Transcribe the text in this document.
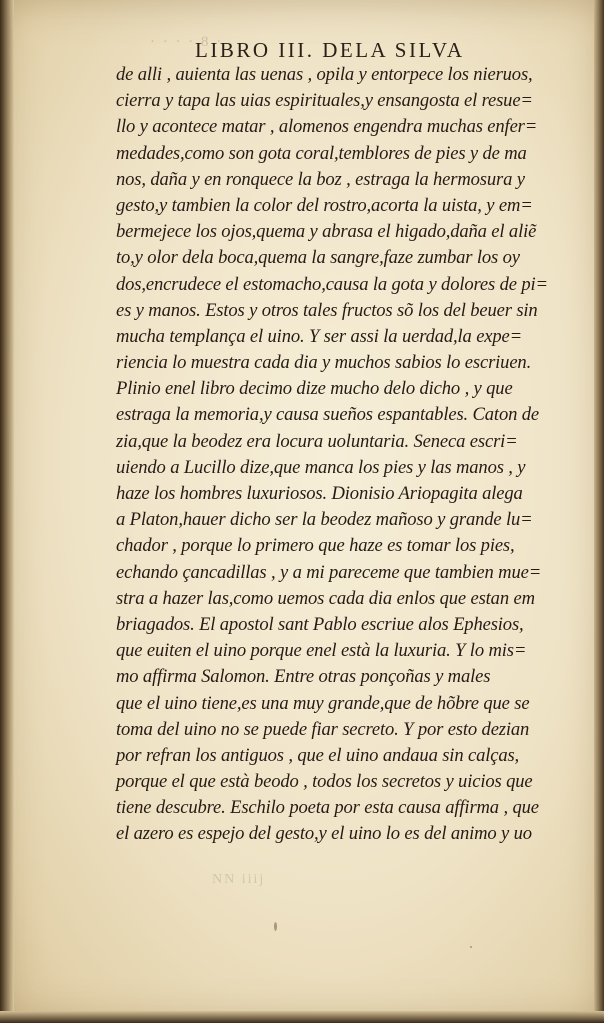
· · · · 8 ·
NN iiij
LIBRO III. DELA SILVA
de alli , auienta las uenas , opila y entorpece los nieruos,
cierra y tapa las uias espirituales,y ensangosta el resue=
llo y acontece matar , alomenos engendra muchas enfer=
medades,como son gota coral,temblores de pies y de ma
nos, daña y en ronquece la boz , estraga la hermosura y
gesto,y tambien la color del rostro,acorta la uista, y em=
bermejece los ojos,quema y abrasa el higado,daña el aliẽ
to,y olor dela boca,quema la sangre,faze zumbar los oy
dos,encrudece el estomacho,causa la gota y dolores de pi=
es y manos. Estos y otros tales fructos sõ los del beuer sin
mucha templança el uino. Y ser assi la uerdad,la expe=
riencia lo muestra cada dia y muchos sabios lo escriuen.
Plinio enel libro decimo dize mucho delo dicho , y que
estraga la memoria,y causa sueños espantables. Caton de
zia,que la beodez era locura uoluntaria. Seneca escri=
uiendo a Lucillo dize,que manca los pies y las manos , y
haze los hombres luxuriosos. Dionisio Ariopagita alega
a Platon,hauer dicho ser la beodez mañoso y grande lu=
chador , porque lo primero que haze es tomar los pies,
echando çancadillas , y a mi pareceme que tambien mue=
stra a hazer las,como uemos cada dia enlos que estan em
briagados. El apostol sant Pablo escriue alos Ephesios,
que euiten el uino porque enel està la luxuria. Y lo mis=
mo affirma Salomon. Entre otras ponçoñas y males
que el uino tiene,es una muy grande,que de hõbre que se
toma del uino no se puede fiar secreto. Y por esto dezian
por refran los antiguos , que el uino andaua sin calças,
porque el que està beodo , todos los secretos y uicios que
tiene descubre. Eschilo poeta por esta causa affirma , que
el azero es espejo del gesto,y el uino lo es del animo y uo
